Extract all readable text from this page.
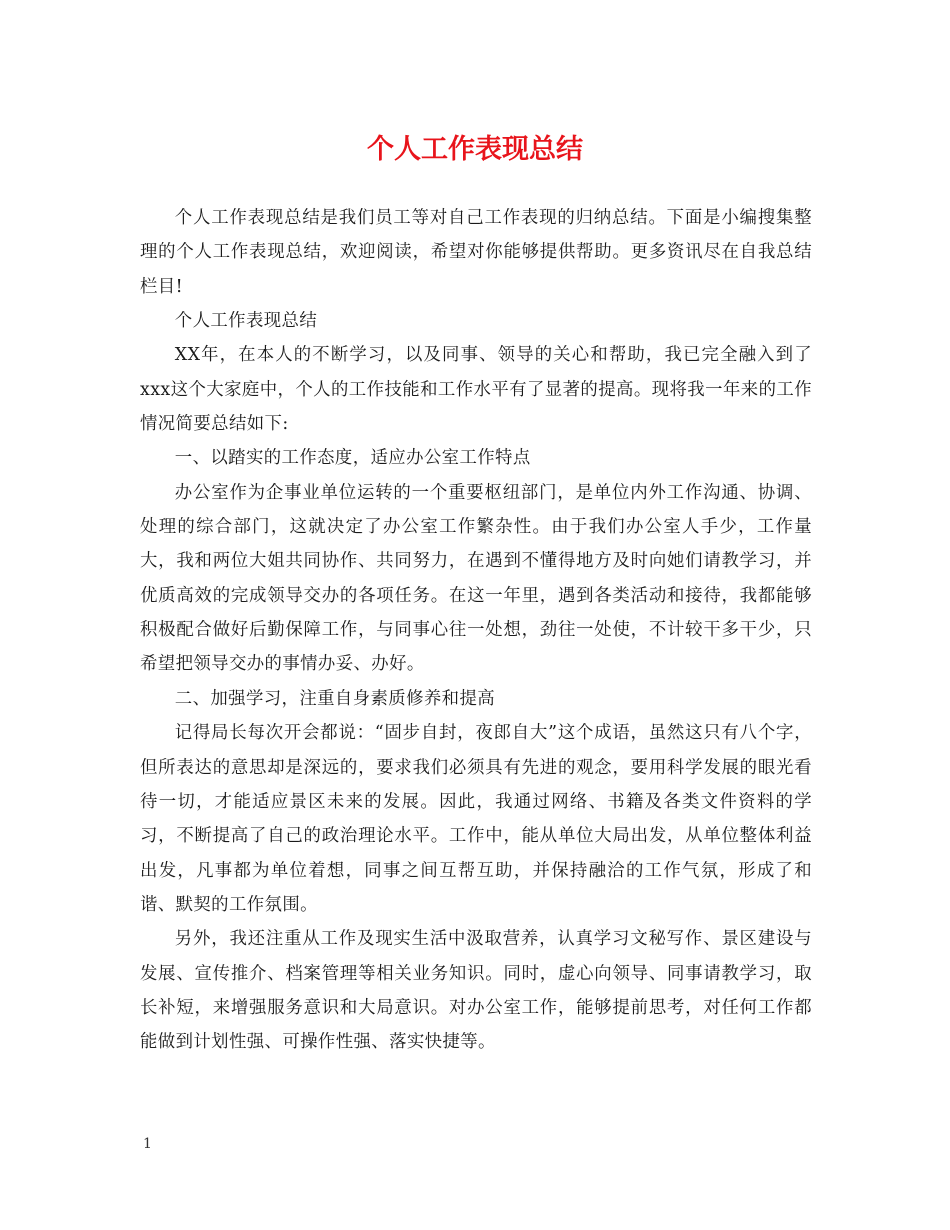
个人工作表现总结

个人工作表现总结是我们员工等对自己工作表现的归纳总结。下面是小编搜集整理的个人工作表现总结，欢迎阅读，希望对你能够提供帮助。更多资讯尽在自我总结栏目!

个人工作表现总结

XX年，在本人的不断学习，以及同事、领导的关心和帮助，我已完全融入到了xxx这个大家庭中，个人的工作技能和工作水平有了显著的提高。现将我一年来的工作情况简要总结如下:

一、以踏实的工作态度，适应办公室工作特点

办公室作为企事业单位运转的一个重要枢纽部门，是单位内外工作沟通、协调、处理的综合部门，这就决定了办公室工作繁杂性。由于我们办公室人手少，工作量大，我和两位大姐共同协作、共同努力，在遇到不懂得地方及时向她们请教学习，并优质高效的完成领导交办的各项任务。在这一年里，遇到各类活动和接待，我都能够积极配合做好后勤保障工作，与同事心往一处想，劲往一处使，不计较干多干少，只希望把领导交办的事情办妥、办好。

二、加强学习，注重自身素质修养和提高

记得局长每次开会都说：“固步自封，夜郎自大”这个成语，虽然这只有八个字，但所表达的意思却是深远的，要求我们必须具有先进的观念，要用科学发展的眼光看待一切，才能适应景区未来的发展。因此，我通过网络、书籍及各类文件资料的学习，不断提高了自己的政治理论水平。工作中，能从单位大局出发，从单位整体利益出发，凡事都为单位着想，同事之间互帮互助，并保持融洽的工作气氛，形成了和谐、默契的工作氛围。

另外，我还注重从工作及现实生活中汲取营养，认真学习文秘写作、景区建设与发展、宣传推介、档案管理等相关业务知识。同时，虚心向领导、同事请教学习，取长补短，来增强服务意识和大局意识。对办公室工作，能够提前思考，对任何工作都能做到计划性强、可操作性强、落实快捷等。

1
